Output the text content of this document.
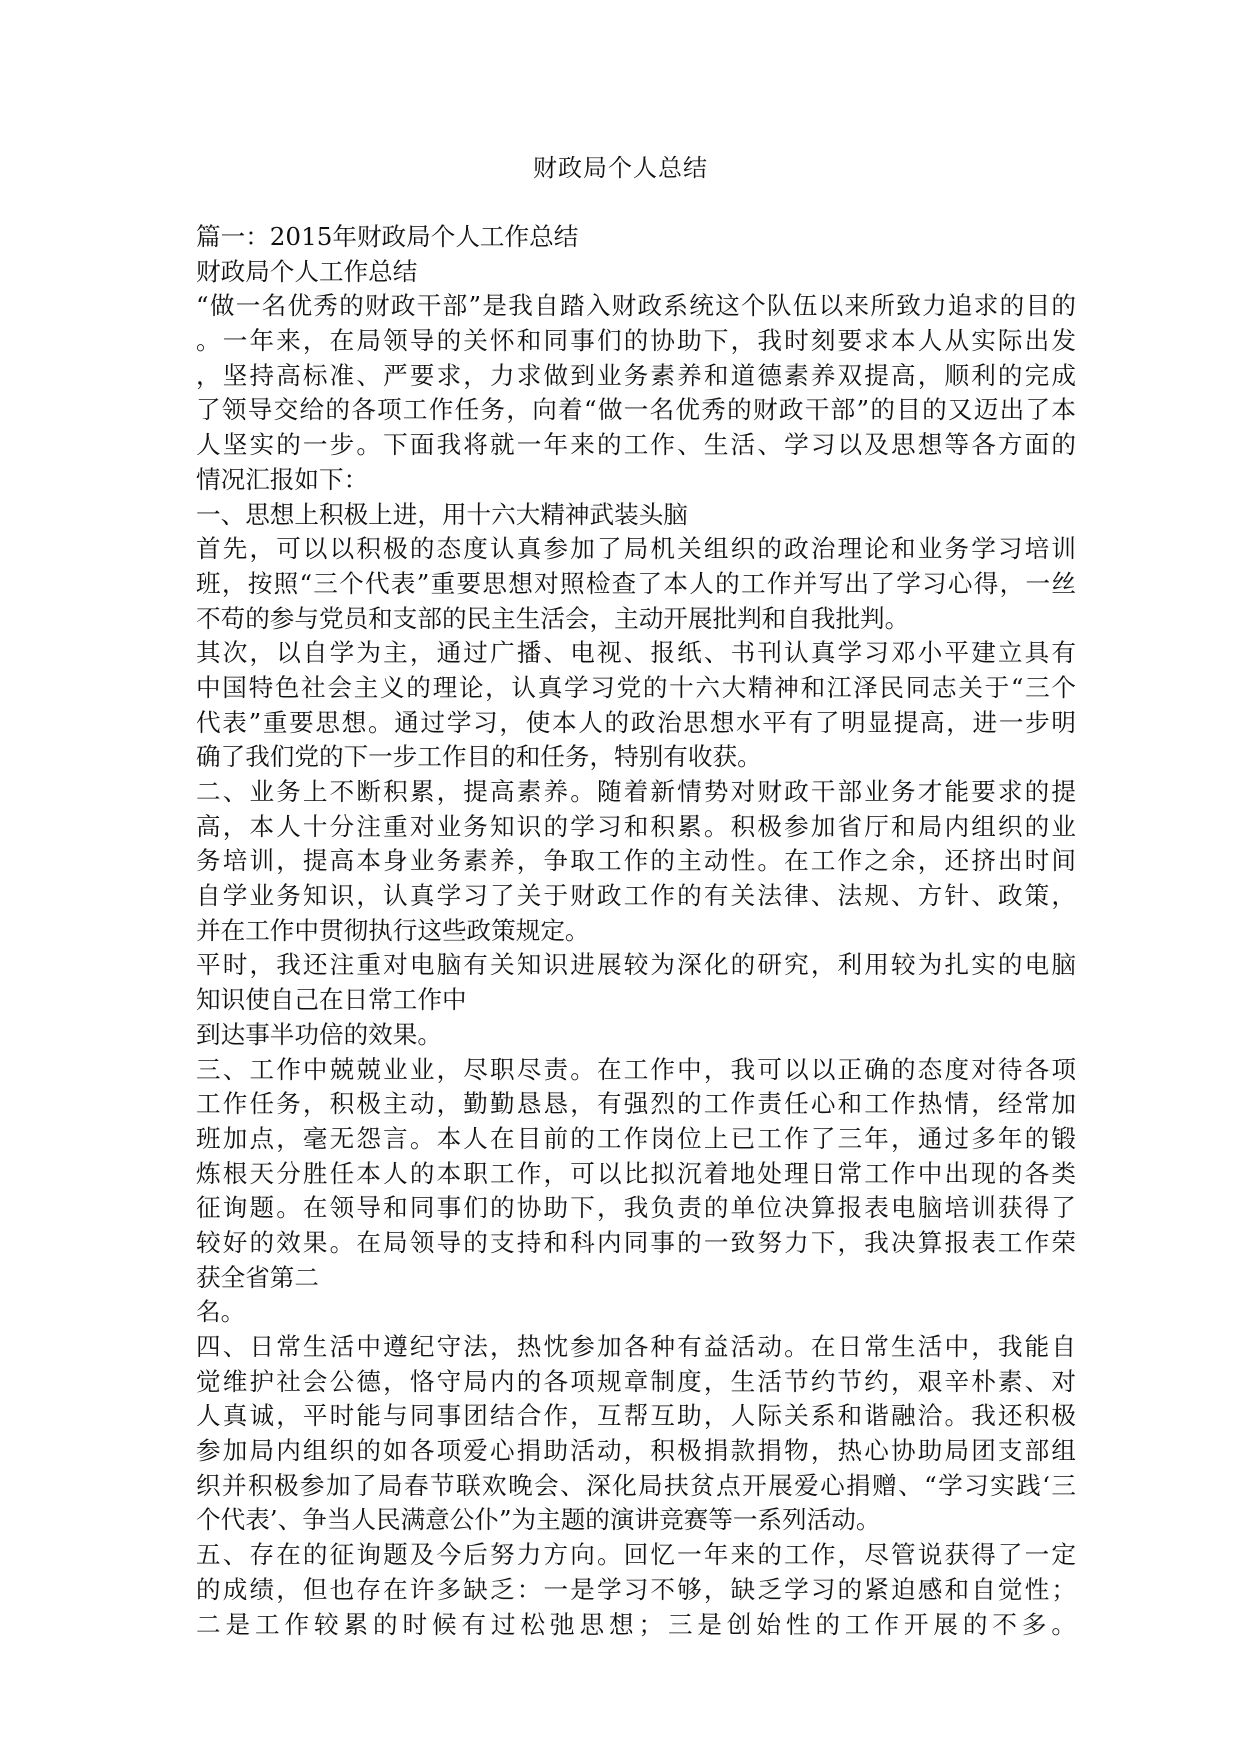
财政局个人总结
篇一：2015年财政局个人工作总结
财政局个人工作总结
“做一名优秀的财政干部”是我自踏入财政系统这个队伍以来所致力追求的目的
。一年来，在局领导的关怀和同事们的协助下，我时刻要求本人从实际出发
，坚持高标准、严要求，力求做到业务素养和道德素养双提高，顺利的完成
了领导交给的各项工作任务，向着“做一名优秀的财政干部”的目的又迈出了本
人坚实的一步。下面我将就一年来的工作、生活、学习以及思想等各方面的
情况汇报如下：
一、思想上积极上进，用十六大精神武装头脑
首先，可以以积极的态度认真参加了局机关组织的政治理论和业务学习培训
班，按照“三个代表”重要思想对照检查了本人的工作并写出了学习心得，一丝
不苟的参与党员和支部的民主生活会，主动开展批判和自我批判。
其次，以自学为主，通过广播、电视、报纸、书刊认真学习邓小平建立具有
中国特色社会主义的理论，认真学习党的十六大精神和江泽民同志关于“三个
代表”重要思想。通过学习，使本人的政治思想水平有了明显提高，进一步明
确了我们党的下一步工作目的和任务，特别有收获。
二、业务上不断积累，提高素养。随着新情势对财政干部业务才能要求的提
高，本人十分注重对业务知识的学习和积累。积极参加省厅和局内组织的业
务培训，提高本身业务素养，争取工作的主动性。在工作之余，还挤出时间
自学业务知识，认真学习了关于财政工作的有关法律、法规、方针、政策，
并在工作中贯彻执行这些政策规定。
平时，我还注重对电脑有关知识进展较为深化的研究，利用较为扎实的电脑
知识使自己在日常工作中
到达事半功倍的效果。
三、工作中兢兢业业，尽职尽责。在工作中，我可以以正确的态度对待各项
工作任务，积极主动，勤勤恳恳，有强烈的工作责任心和工作热情，经常加
班加点，毫无怨言。本人在目前的工作岗位上已工作了三年，通过多年的锻
炼根天分胜任本人的本职工作，可以比拟沉着地处理日常工作中出现的各类
征询题。在领导和同事们的协助下，我负责的单位决算报表电脑培训获得了
较好的效果。在局领导的支持和科内同事的一致努力下，我决算报表工作荣
获全省第二
名。
四、日常生活中遵纪守法，热忱参加各种有益活动。在日常生活中，我能自
觉维护社会公德，恪守局内的各项规章制度，生活节约节约，艰辛朴素、对
人真诚，平时能与同事团结合作，互帮互助，人际关系和谐融洽。我还积极
参加局内组织的如各项爱心捐助活动，积极捐款捐物，热心协助局团支部组
织并积极参加了局春节联欢晚会、深化局扶贫点开展爱心捐赠、“学习实践‘三
个代表’、争当人民满意公仆”为主题的演讲竞赛等一系列活动。
五、存在的征询题及今后努力方向。回忆一年来的工作，尽管说获得了一定
的成绩，但也存在许多缺乏：一是学习不够，缺乏学习的紧迫感和自觉性；
二是工作较累的时候有过松弛思想；三是创始性的工作开展的不多。
